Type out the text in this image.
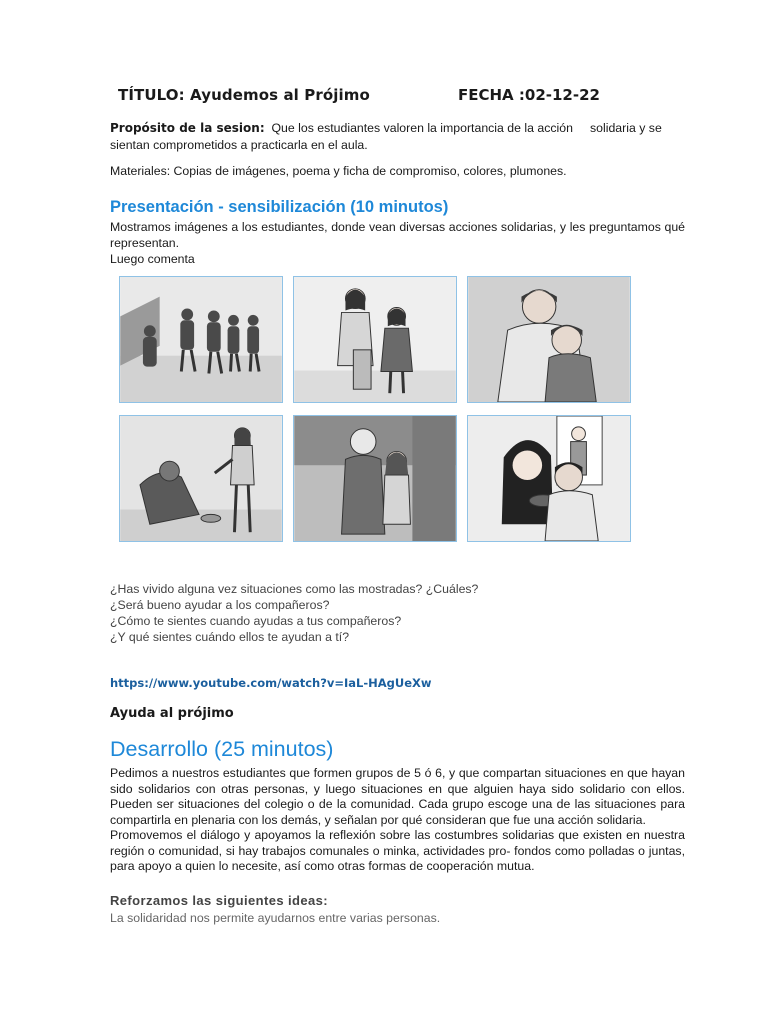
TÍTULO: Ayudemos al Prójimo	FECHA :02-12-22
Propósito de la sesion: Que los estudiantes valoren la importancia de la acción solidaria y se
sientan comprometidos a practicarla en el aula.
Materiales: Copias de imágenes, poema y ficha de compromiso, colores, plumones.
Presentación - sensibilización (10 minutos)
Mostramos imágenes a los estudiantes, donde vean diversas acciones solidarias, y les preguntamos qué representan.
Luego comenta
¿Has vivido alguna vez situaciones como las mostradas? ¿Cuáles?
¿Será bueno ayudar a los compañeros?
¿Cómo te sientes cuando ayudas a tus compañeros?
¿Y qué sientes cuándo ellos te ayudan a tí?
https://www.youtube.com/watch?v=IaL-HAgUeXw
Ayuda al prójimo
Desarrollo (25 minutos)
Pedimos a nuestros estudiantes que formen grupos de 5 ó 6, y que compartan situaciones en que hayan sido solidarios con otras personas, y luego situaciones en que alguien haya sido solidario con ellos. Pueden ser situaciones del colegio o de la comunidad. Cada grupo escoge una de las situaciones para compartirla en plenaria con los demás, y señalan por qué consideran que fue una acción solidaria.
Promovemos el diálogo y apoyamos la reflexión sobre las costumbres solidarias que existen en nuestra región o comunidad, si hay trabajos comunales o minka, actividades pro- fondos como polladas o juntas, para apoyo a quien lo necesite, así como otras formas de cooperación mutua.
Reforzamos las siguientes ideas:
La solidaridad nos permite ayudarnos entre varias personas.
